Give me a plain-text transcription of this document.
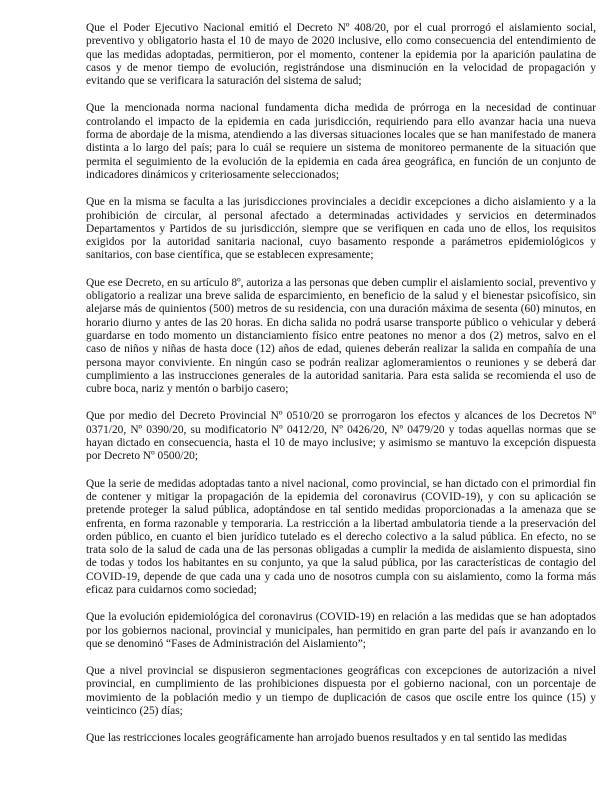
Que el Poder Ejecutivo Nacional emitió el Decreto Nº 408/20, por el cual prorrogó el aislamiento social, preventivo y obligatorio hasta el 10 de mayo de 2020 inclusive, ello como consecuencia del entendimiento de que las medidas adoptadas, permitieron, por el momento, contener la epidemia por la aparición paulatina de casos y de menor tiempo de evolución, registrándose una disminución en la velocidad de propagación y evitando que se verificara la saturación del sistema de salud;

Que la mencionada norma nacional fundamenta dicha medida de prórroga en la necesidad de continuar controlando el impacto de la epidemia en cada jurisdicción, requiriendo para ello avanzar hacia una nueva forma de abordaje de la misma, atendiendo a las diversas situaciones locales que se han manifestado de manera distinta a lo largo del país; para lo cuál se requiere un sistema de monitoreo permanente de la situación que permita el seguimiento de la evolución de la epidemia en cada área geográfica, en función de un conjunto de indicadores dinámicos y criteriosamente seleccionados;

Que en la misma se faculta a las jurisdicciones provinciales a decidir excepciones a dicho aislamiento y a la prohibición de circular, al personal afectado a determinadas actividades y servicios en determinados Departamentos y Partidos de su jurisdicción, siempre que se verifiquen en cada uno de ellos, los requisitos exigidos por la autoridad sanitaria nacional, cuyo basamento responde a parámetros epidemiológicos y sanitarios, con base científica, que se establecen expresamente;

Que ese Decreto, en su artículo 8º, autoriza a las personas que deben cumplir el aislamiento social, preventivo y obligatorio a realizar una breve salida de esparcimiento, en beneficio de la salud y el bienestar psicofísico, sin alejarse más de quinientos (500) metros de su residencia, con una duración máxima de sesenta (60) minutos, en horario diurno y antes de las 20 horas. En dicha salida no podrá usarse transporte público o vehicular y deberá guardarse en todo momento un distanciamiento físico entre peatones no menor a dos (2) metros, salvo en el caso de niños y niñas de hasta doce (12) años de edad, quienes deberán realizar la salida en compañía de una persona mayor conviviente. En ningún caso se podrán realizar aglomeramientos o reuniones y se deberá dar cumplimiento a las instrucciones generales de la autoridad sanitaria. Para esta salida se recomienda el uso de cubre boca, nariz y mentón o barbijo casero;

Que por medio del Decreto Provincial Nº 0510/20 se prorrogaron los efectos y alcances de los Decretos Nº 0371/20, Nº 0390/20, su modificatorio Nº 0412/20, Nº 0426/20, Nº 0479/20 y todas aquellas normas que se hayan dictado en consecuencia, hasta el 10 de mayo inclusive; y asimismo se mantuvo la excepción dispuesta por Decreto Nº 0500/20;

Que la serie de medidas adoptadas tanto a nivel nacional, como provincial, se han dictado con el primordial fin de contener y mitigar la propagación de la epidemia del coronavirus (COVID-19), y con su aplicación se pretende proteger la salud pública, adoptándose en tal sentido medidas proporcionadas a la amenaza que se enfrenta, en forma razonable y temporaria. La restricción a la libertad ambulatoria tiende a la preservación del orden público, en cuanto el bien jurídico tutelado es el derecho colectivo a la salud pública. En efecto, no se trata solo de la salud de cada una de las personas obligadas a cumplir la medida de aislamiento dispuesta, sino de todas y todos los habitantes en su conjunto, ya que la salud pública, por las características de contagio del COVID-19, depende de que cada una y cada uno de nosotros cumpla con su aislamiento, como la forma más eficaz para cuidarnos como sociedad;

Que la evolución epidemiológica del coronavirus (COVID-19) en relación a las medidas que se han adoptados por los gobiernos nacional, provincial y municipales, han permitido en gran parte del país ir avanzando en lo que se denominó “Fases de Administración del Aislamiento”;

Que a nivel provincial se dispusieron segmentaciones geográficas con excepciones de autorización a nivel provincial, en cumplimiento de las prohibiciones dispuesta por el gobierno nacional, con un porcentaje de movimiento de la población medio y un tiempo de duplicación de casos que oscile entre los quince (15) y veinticinco (25) días;

Que las restricciones locales geográficamente han arrojado buenos resultados y en tal sentido las medidas
